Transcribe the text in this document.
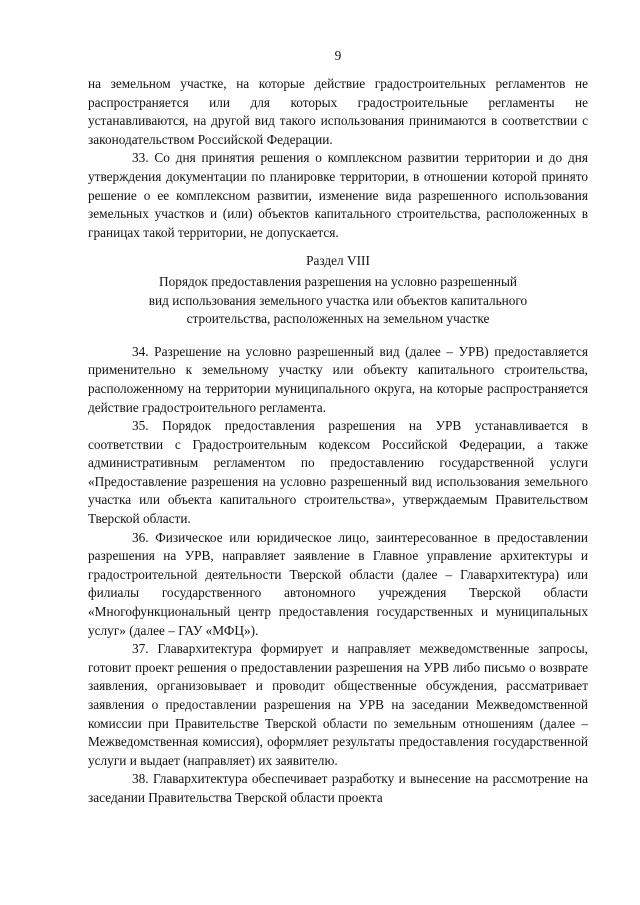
9

на земельном участке, на которые действие градостроительных регламентов не распространяется или для которых градостроительные регламенты не устанавливаются, на другой вид такого использования принимаются в соответствии с законодательством Российской Федерации.

33. Со дня принятия решения о комплексном развитии территории и до дня утверждения документации по планировке территории, в отношении которой принято решение о ее комплексном развитии, изменение вида разрешенного использования земельных участков и (или) объектов капитального строительства, расположенных в границах такой территории, не допускается.

Раздел VIII
Порядок предоставления разрешения на условно разрешенный
вид использования земельного участка или объектов капитального
строительства, расположенных на земельном участке

34. Разрешение на условно разрешенный вид (далее – УРВ) предоставляется применительно к земельному участку или объекту капитального строительства, расположенному на территории муниципального округа, на которые распространяется действие градостроительного регламента.

35. Порядок предоставления разрешения на УРВ устанавливается в соответствии с Градостроительным кодексом Российской Федерации, а также административным регламентом по предоставлению государственной услуги «Предоставление разрешения на условно разрешенный вид использования земельного участка или объекта капитального строительства», утверждаемым Правительством Тверской области.

36. Физическое или юридическое лицо, заинтересованное в предоставлении разрешения на УРВ, направляет заявление в Главное управление архитектуры и градостроительной деятельности Тверской области (далее – Главархитектура) или филиалы государственного автономного учреждения Тверской области «Многофункциональный центр предоставления государственных и муниципальных услуг» (далее – ГАУ «МФЦ»).

37. Главархитектура формирует и направляет межведомственные запросы, готовит проект решения о предоставлении разрешения на УРВ либо письмо о возврате заявления, организовывает и проводит общественные обсуждения, рассматривает заявления о предоставлении разрешения на УРВ на заседании Межведомственной комиссии при Правительстве Тверской области по земельным отношениям (далее – Межведомственная комиссия), оформляет результаты предоставления государственной услуги и выдает (направляет) их заявителю.

38. Главархитектура обеспечивает разработку и вынесение на рассмотрение на заседании Правительства Тверской области проекта
